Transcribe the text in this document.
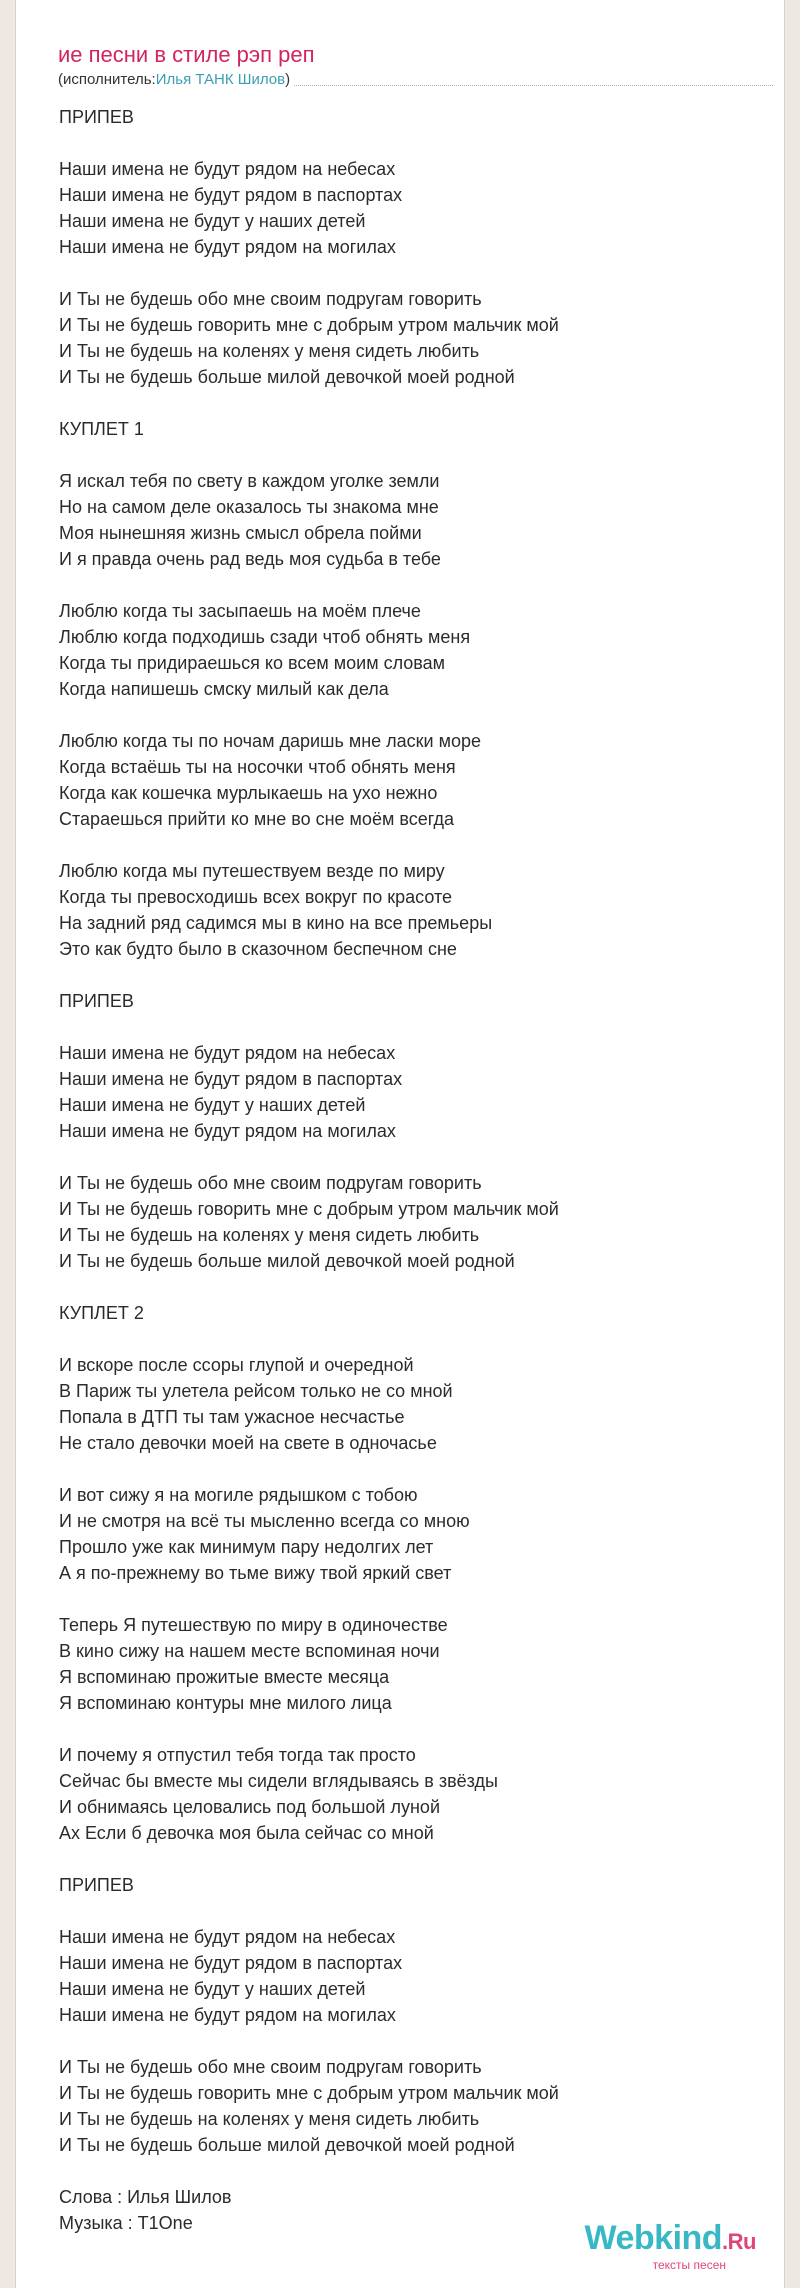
ие песни в стиле рэп реп
(исполнитель: Илья ТАНК Шилов )
ПРИПЕВ
Наши имена не будут рядом на небесах
Наши имена не будут рядом в паспортах
Наши имена не будут у наших детей
Наши имена не будут рядом на могилах
И Ты не будешь обо мне своим подругам говорить
И Ты не будешь говорить мне с добрым утром мальчик мой
И Ты не будешь на коленях у меня сидеть любить
И Ты не будешь больше милой девочкой моей родной
КУПЛЕТ 1
Я искал тебя по свету в каждом уголке земли
Но на самом деле оказалось ты знакома мне
Моя нынешняя жизнь смысл обрела пойми
И я правда очень рад ведь моя судьба в тебе
Люблю когда ты засыпаешь на моём плече
Люблю когда подходишь сзади чтоб обнять меня
Когда ты придираешься ко всем моим словам
Когда напишешь смску милый как дела
Люблю когда ты по ночам даришь мне ласки море
Когда встаёшь ты на носочки чтоб обнять меня
Когда как кошечка мурлыкаешь на ухо нежно
Стараешься прийти ко мне во сне моём всегда
Люблю когда мы путешествуем везде по миру
Когда ты превосходишь всех вокруг по красоте
На задний ряд садимся мы в кино на все премьеры
Это как будто было в сказочном беспечном сне
ПРИПЕВ
Наши имена не будут рядом на небесах
Наши имена не будут рядом в паспортах
Наши имена не будут у наших детей
Наши имена не будут рядом на могилах
И Ты не будешь обо мне своим подругам говорить
И Ты не будешь говорить мне с добрым утром мальчик мой
И Ты не будешь на коленях у меня сидеть любить
И Ты не будешь больше милой девочкой моей родной
КУПЛЕТ 2
И вскоре после ссоры глупой и очередной
В Париж ты улетела рейсом только не со мной
Попала в ДТП ты там ужасное несчастье
Не стало девочки моей на свете в одночасье
И вот сижу я на могиле рядышком с тобою
И не смотря на всё ты мысленно всегда со мною
Прошло уже как минимум пару недолгих лет
А я по-прежнему во тьме вижу твой яркий свет
Теперь Я путешествую по миру в одиночестве
В кино сижу на нашем месте вспоминая ночи
Я вспоминаю прожитые вместе месяца
Я вспоминаю контуры мне милого лица
И почему я отпустил тебя тогда так просто
Сейчас бы вместе мы сидели вглядываясь в звёзды
И обнимаясь целовались под большой луной
Ах Если б девочка моя была сейчас со мной
ПРИПЕВ
Наши имена не будут рядом на небесах
Наши имена не будут рядом в паспортах
Наши имена не будут у наших детей
Наши имена не будут рядом на могилах
И Ты не будешь обо мне своим подругам говорить
И Ты не будешь говорить мне с добрым утром мальчик мой
И Ты не будешь на коленях у меня сидеть любить
И Ты не будешь больше милой девочкой моей родной
Слова : Илья Шилов
Музыка : T1One	Webkind.Ru
тексты песен
